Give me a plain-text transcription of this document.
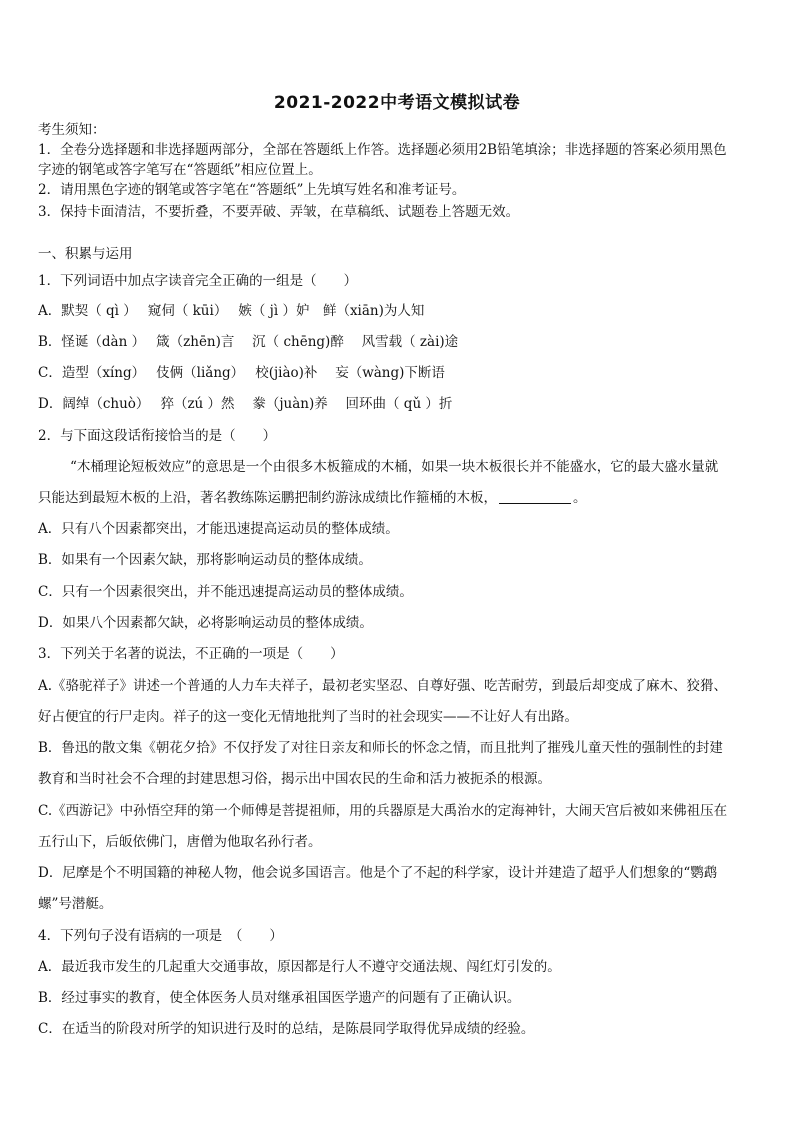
2021-2022中考语文模拟试卷
考生须知：
1．全卷分选择题和非选择题两部分，全部在答题纸上作答。选择题必须用2B铅笔填涂；非选择题的答案必须用黑色
字迹的钢笔或答字笔写在“答题纸”相应位置上。
2．请用黑色字迹的钢笔或答字笔在“答题纸”上先填写姓名和准考证号。
3．保持卡面清洁，不要折叠，不要弄破、弄皱，在草稿纸、试题卷上答题无效。
一、积累与运用
1．下列词语中加点字读音完全正确的一组是（　　）
A．默契（ qì ）　 窥伺（ kūi）　 嫉（ jì ）妒　鲜（xiān)为人知
B．怪诞（dàn ）　 箴（zhēn)言　 沉（ chēng)醉　 风雪载（ zài)途
C．造型（xíng）　 伎俩（liǎng）　 校(jiào)补　 妄（wàng)下断语
D．阔绰（chuò）　 猝（zú ）然　 豢（juàn)养　 回环曲（ qǔ ）折
2．与下面这段话衔接恰当的是（　　）
“木桶理论短板效应”的意思是一个由很多木板箍成的木桶，如果一块木板很长并不能盛水，它的最大盛水量就
只能达到最短木板的上沿，著名教练陈运鹏把制约游泳成绩比作箍桶的木板，	。
A．只有八个因素都突出，才能迅速提高运动员的整体成绩。
B．如果有一个因素欠缺，那将影响运动员的整体成绩。
C．只有一个因素很突出，并不能迅速提高运动员的整体成绩。
D．如果八个因素都欠缺，必将影响运动员的整体成绩。
3．下列关于名著的说法，不正确的一项是（　　）
A.《骆驼祥子》讲述一个普通的人力车夫祥子，最初老实坚忍、自尊好强、吃苦耐劳，到最后却变成了麻木、狡猾、
好占便宜的行尸走肉。祥子的这一变化无情地批判了当时的社会现实——不让好人有出路。
B．鲁迅的散文集《朝花夕拾》不仅抒发了对往日亲友和师长的怀念之情，而且批判了摧残儿童天性的强制性的封建
教育和当时社会不合理的封建思想习俗，揭示出中国农民的生命和活力被扼杀的根源。
C.《西游记》中孙悟空拜的第一个师傅是菩提祖师，用的兵器原是大禹治水的定海神针，大闹天宫后被如来佛祖压在
五行山下，后皈依佛门，唐僧为他取名孙行者。
D．尼摩是个不明国籍的神秘人物，他会说多国语言。他是个了不起的科学家，设计并建造了超乎人们想象的“鹦鹉
螺”号潜艇。
4．下列句子没有语病的一项是　（　　）
A．最近我市发生的几起重大交通事故，原因都是行人不遵守交通法规、闯红灯引发的。
B．经过事实的教育，使全体医务人员对继承祖国医学遗产的问题有了正确认识。
C．在适当的阶段对所学的知识进行及时的总结，是陈晨同学取得优异成绩的经验。
